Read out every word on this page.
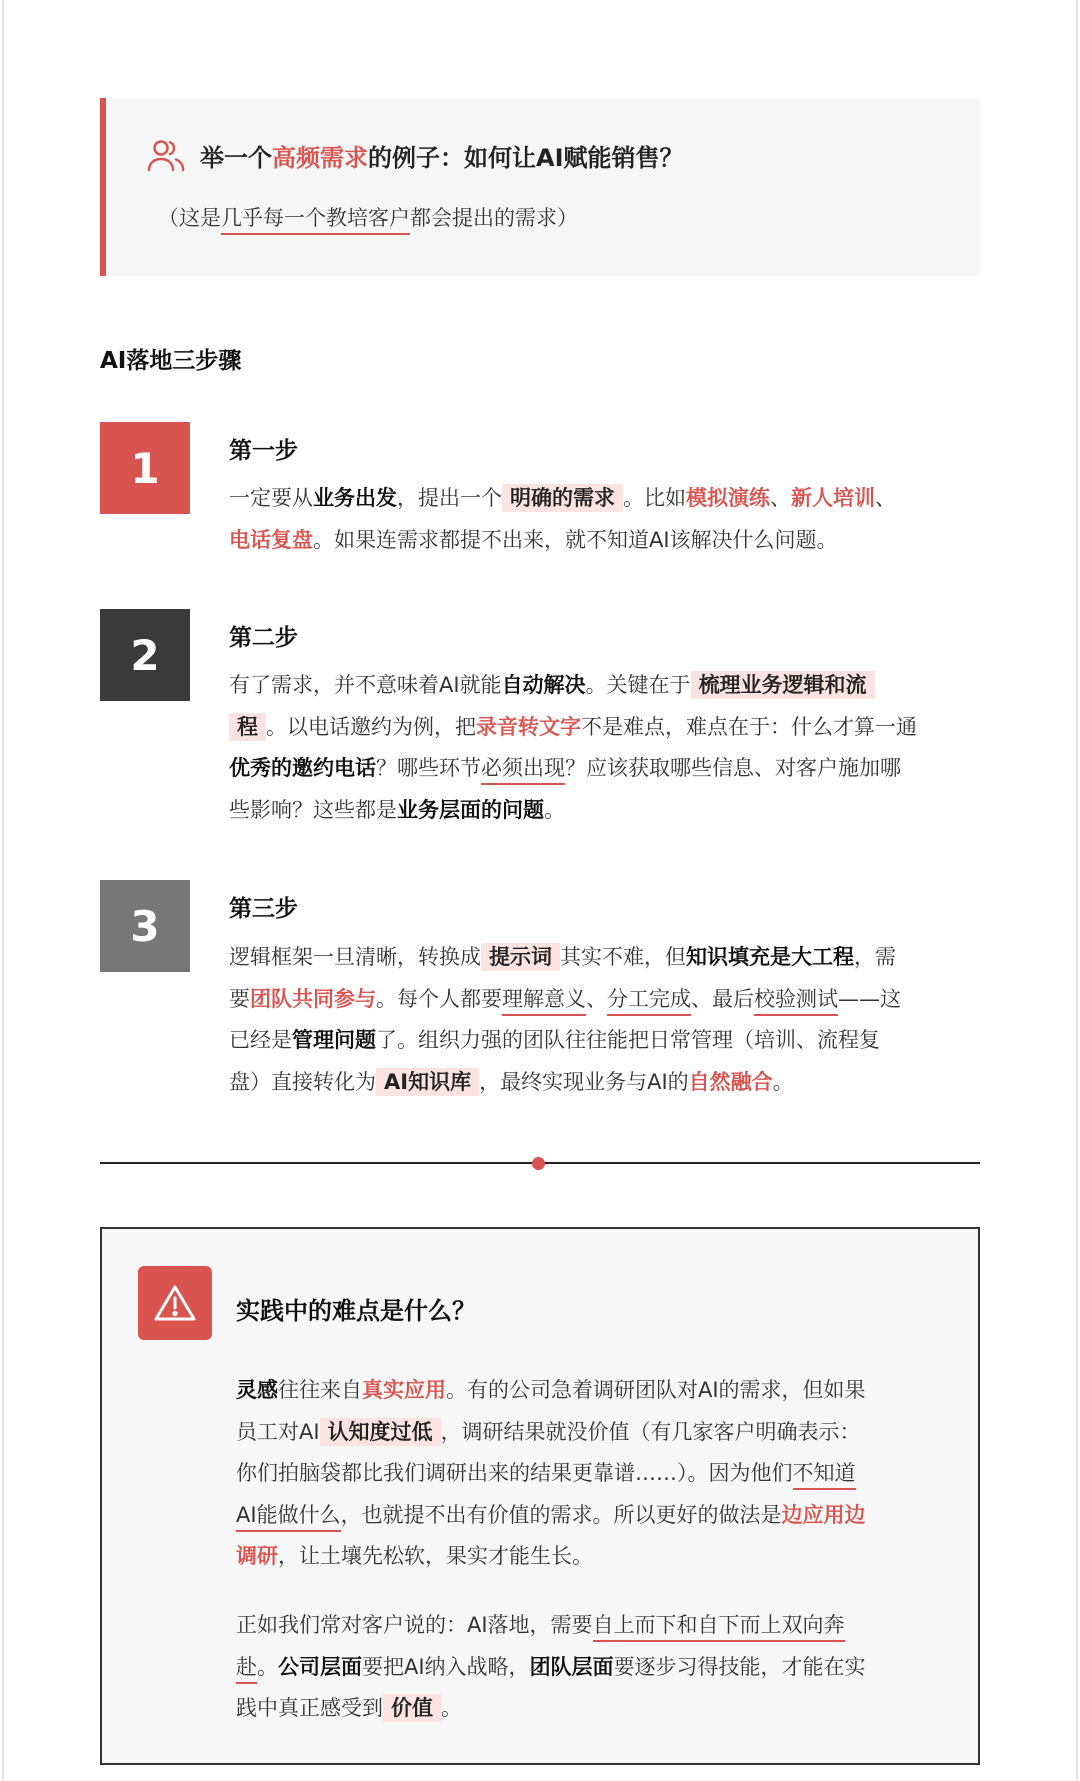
举一个高频需求的例子：如何让AI赋能销售？
（这是几乎每一个教培客户都会提出的需求）
AI落地三步骤
1	第一步
一定要从业务出发，提出一个 明确的需求 。比如模拟演练、新人培训、
电话复盘。如果连需求都提不出来，就不知道AI该解决什么问题。
2	第二步
有了需求，并不意味着AI就能自动解决。关键在于 梳理业务逻辑和流
程 。以电话邀约为例，把录音转文字不是难点，难点在于：什么才算一通
优秀的邀约电话？哪些环节必须出现？应该获取哪些信息、对客户施加哪
些影响？这些都是业务层面的问题。
3	第三步
逻辑框架一旦清晰，转换成 提示词 其实不难，但知识填充是大工程，需
要团队共同参与。每个人都要理解意义、分工完成、最后校验测试——这
已经是管理问题了。组织力强的团队往往能把日常管理（培训、流程复
盘）直接转化为 AI知识库 ，最终实现业务与AI的自然融合。
实践中的难点是什么？
灵感往往来自真实应用。有的公司急着调研团队对AI的需求，但如果
员工对AI 认知度过低 ，调研结果就没价值（有几家客户明确表示：
你们拍脑袋都比我们调研出来的结果更靠谱……）。因为他们不知道
AI能做什么，也就提不出有价值的需求。所以更好的做法是边应用边
调研，让土壤先松软，果实才能生长。
正如我们常对客户说的：AI落地，需要自上而下和自下而上双向奔
赴。公司层面要把AI纳入战略，团队层面要逐步习得技能，才能在实
践中真正感受到 价值 。
